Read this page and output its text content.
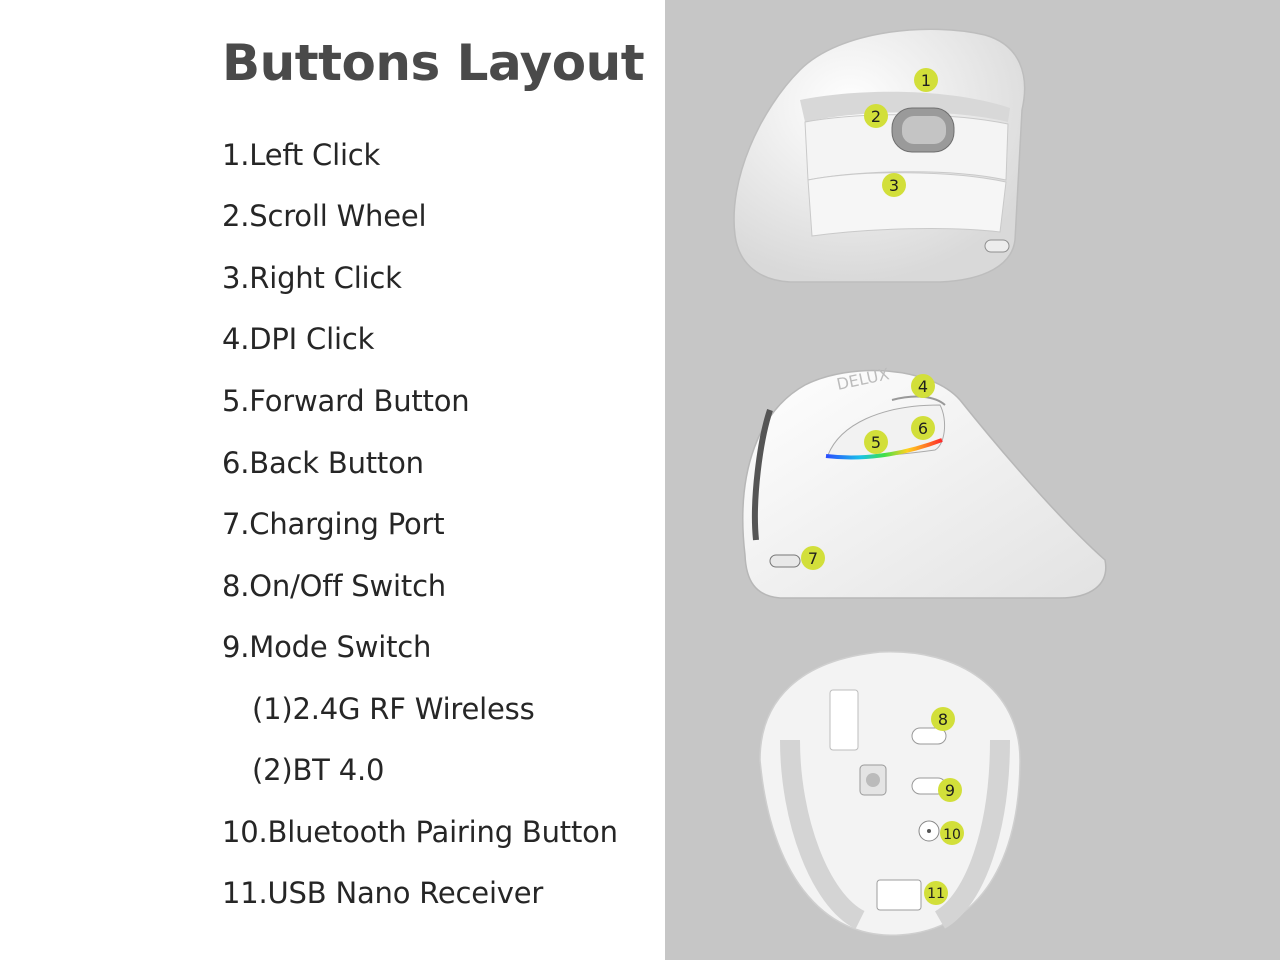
Buttons Layout
1.Left Click
2.Scroll Wheel
3.Right Click
4.DPI Click
5.Forward Button
6.Back Button
7.Charging Port
8.On/Off Switch
9.Mode Switch
(1)2.4G RF Wireless
(2)BT 4.0
10.Bluetooth Pairing Button
11.USB Nano Receiver
DELUX
1
2
3
4
5
6
7
8
9
10
11
